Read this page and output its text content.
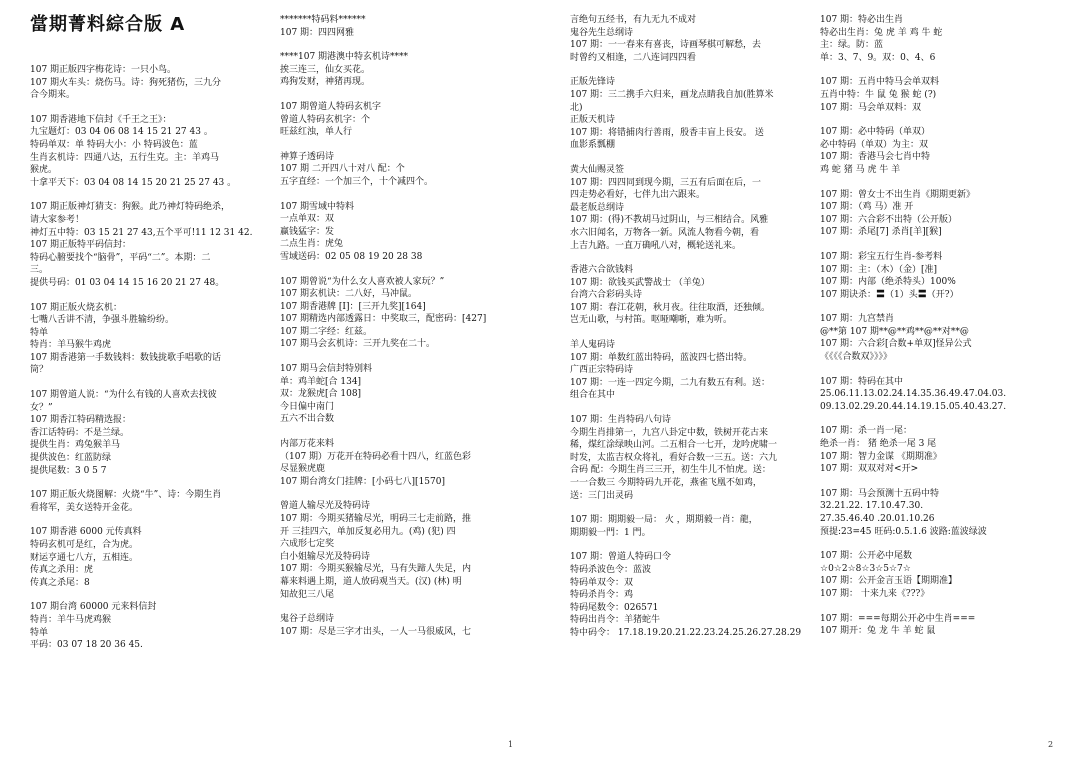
當期菁料綜合版 A
107 期正版四字梅花诗：一只小鸟。
107 期火车头：烧伤马。诗：狗死猪伤，三九分
合今期来。
107 期香港地下信封《千王之王》：
九宝题灯：03 04 06 08 14 15 21 27 43 。
特码单双：单 特码大小：小 特码波色：蓝
生肖玄机诗：四通八达，五行生克。主：羊鸡马
猴虎。
十拿平天下：03 04 08 14 15 20 21 25 27 43 。
107 期正版神灯猜支：狗猴。此乃神灯特码绝杀，
请大家参考！
神灯五中特：03 15 21 27 43,五个平可!11 12 31 42.
107 期正版特平码信封：
特码心腑要找个“脑骨”，平码“二”。本期：二
三。
提供号码：01 03 04 14 15 16 20 21 27 48。
107 期正版火烧玄机：
七嘴八舌讲不清，争强斗胜输纷纷。
特单
特肖：羊马猴牛鸡虎
107 期香港第一手数钱料：数钱拢歌手唱歌的话
筒？
107 期曾道人说：“为什么有钱的人喜欢去找彼
女？”
107 期香江特码精选报：
香江话特码：不是兰绿。
提供生肖：鸡兔猴羊马
提供波色：红蓝防绿
提供尾数：3 0 5 7
107 期正版火烧图解：火烧“牛”、诗：今期生肖
看将军，美女送特开金花。
107 期香港 6000 元传真料
特码玄机可是红，合为虎。
财运亨通七八方，五相连。
传真之杀用：虎
传真之杀尾：8
107 期台湾 60000 元来料信封
特肖：羊牛马虎鸡猴
特单
平码：03 07 18 20 36 45.
*******特码料******
107 期：四四网雅
****107 期港澳中特玄机诗****
挨三连三，仙女买花。
鸡狗发财，神猪再现。
107 期曾道人特码玄机字
曾道人特码玄机字：个
旺兹红浊，单人行
神算子透码诗
107 期 二开四八十对八 配：个
五字直经：一个加三个，十个减四个。
107 期雪域中特料
一点单双：双
赢钱猛字：发
二点生肖：虎兔
雪域送码：02 05 08 19 20 28 38
107 期曾说“为什么女人喜欢被人家玩？”
107 期玄机诀：二八好，马冲鼠。
107 期香港牌 [I]：[三开九奖][164]
107 期精选内部透露日：中奖取三，配密码：[427]
107 期二字经：红兹。
107 期马会玄机诗：三开九奖在二十。
107 期马会信封特别料
单：鸡羊蛇[合 134]
双：龙猴虎[合 108]
今日偏中南门
五六不出合数
内部万花来料
（107 期）万花开在特码必看十四八，红蓝色彩
尽显猴虎鹿
107 期台湾女门挂牌：[小码七八][1570]
曾道人输尽光及特码诗
107 期：今期买猪输尽光，明码三七走前路，推
开 三挂四六，单加反复必用九。(鸡) (犯) 四
六成形七定奖
白小姐输尽光及特码诗
107 期：今期买猴输尽光，马有失蹄人失足，内
幕来料遇上期，道人放码观当天。(汉) (林) 明
知故犯三八尾
鬼谷子总纲诗
107 期：尽是三字才出头，一人一马很威风，七
1
言绝句五经书，有九无九不成对
鬼谷先生总纲诗
107 期：一一春来有喜丧，诗画琴棋可解愁，去
时曾约又相逢，二八连词四四看
正版先锋诗
107 期：三二携手六归来，画龙点睛我自加(胜算米
北)
正版天机诗
107 期：将错捕肉行善雨，殷香丰盲上長安。 送
血影系瓢棚
黄大仙赐灵签
107 期：四四同到现今期，三五有后面在后，一
四走势必看好，七伴九出六跟来。
最老版总纲诗
107 期：(得)不教胡马过阴山，与三相结合。风雅
水六旧闻名，万物各一新。风流人物看今朝，看
上吉九路。一直万确吼八对，概轮送礼来。
香港六合欲钱料
107 期：欲钱买武警战士 （羊兔）
台湾六合彩码头诗
107 期：春江花朝，秋月夜。往往取酒，还独倾。
岂无山歌，与村笛。呕哑嘲哳，难为听。
羊人鬼码诗
107 期：单数红蓝出特码，蓝波四七搭出特。
广西正宗特码诗
107 期：一连一四定今期，二九有数五有利。送：
组合在其中
107 期：生肖特码八句诗
今期生肖排第一，九宫八卦定中数，铁树开花古来
稀，煤红涂绿映山河。二五相合一七开，龙吟虎啸一
时发，太监吉权众将礼，看好合数一三五。送：六九
合码 配：今期生肖三三开，初生牛儿不怕虎。送：
一一合数三 今期特码九开花，燕雀飞凰不如鸡，
送：三门出灵码
107 期：期期毅一局： 火 ，期期毅一肖：龍，
期期毅一門：1 門。
107 期：曾道人特码口令
特码杀波色令：蓝波
特码单双令：双
特码杀肖令：鸡
特码尾数令：026571
特码出肖令：羊猪蛇牛
特中码令： 17.18.19.20.21.22.23.24.25.26.27.28.29
107 期：特必出生肖
特必出生肖：兔 虎 羊 鸡 牛 蛇
主：绿。防：蓝
单：3、7、9。双：0、4、6
107 期：五肖中特马会单双料
五肖中特：牛 鼠 兔 猴 蛇 (?)
107 期：马会单双料：双
107 期：必中特码（单双）
必中特码（单双）为主：双
107 期：香港马会七肖中特
鸡 蛇 猪 马 虎 牛 羊
107 期：曾女士不出生肖《期期更新》
107 期：（鸡 马）准 开
107 期：六合彩不出特（公开版）
107 期：杀尾[7] 杀肖[羊][猴]
107 期：彩宝五行生肖-参考料
107 期：主：（木）（金）[准]
107 期：内部（绝杀特头）100%
107 期诀杀：〓（1）头〓（开?）
107 期：九宫禁肖
@**第 107 期**@**鸡**@**对**@
107 期：六合彩[合数+单双]怪异公式
《《《《合数双》》》》
107 期：特码在其中
25.06.11.13.02.24.14.35.36.49.47.04.03.
09.13.02.29.20.44.14.19.15.05.40.43.27.
107 期：杀一肖一尾：
绝杀一肖： 猪 绝杀一尾 3 尾
107 期：智力金谋 《期期准》
107 期：双双对对<开>
107 期：马会预测十五码中特
32.21.22. 17.10.47.30.
27.35.46.40 .20.01.10.26
预提:23=45 旺码:0.5.1.6 波路:蓝波绿波
107 期：公开必中尾数
☆0☆2☆8☆3☆5☆7☆
107 期：公开金言玉语【期期准】
107 期： 十来九来《???》
107 期：===每期公开必中生肖===
107 期开：兔 龙 牛 羊 蛇 鼠
2
